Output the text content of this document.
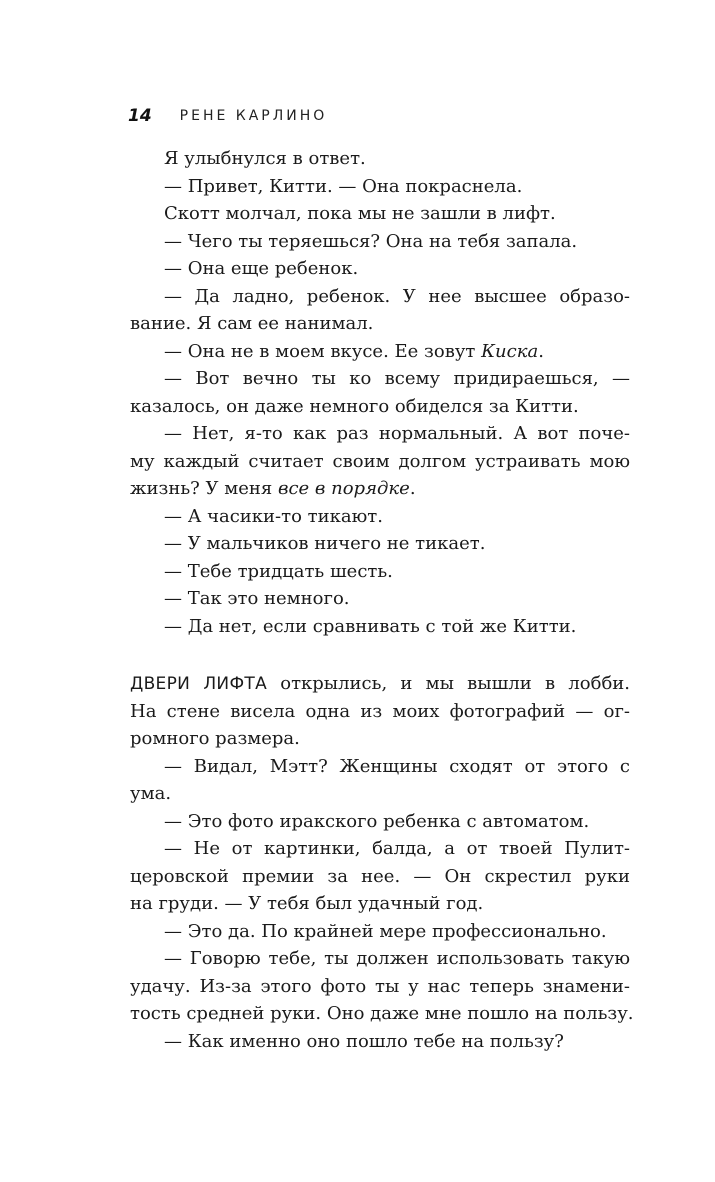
14 РЕНЕ КАРЛИНО
Я улыбнулся в ответ.
— Привет, Китти. — Она покраснела.
Скотт молчал, пока мы не зашли в лифт.
— Чего ты теряешься? Она на тебя запала.
— Она еще ребенок.
— Да ладно, ребенок. У нее высшее образо-
вание. Я сам ее нанимал.
— Она не в моем вкусе. Ее зовут Киска.
— Вот вечно ты ко всему придираешься, —
казалось, он даже немного обиделся за Китти.
— Нет, я-то как раз нормальный. А вот поче-
му каждый считает своим долгом устраивать мою
жизнь? У меня все в порядке.
— А часики-то тикают.
— У мальчиков ничего не тикает.
— Тебе тридцать шесть.
— Так это немного.
— Да нет, если сравнивать с той же Китти.
ДВЕРИ ЛИФТА открылись, и мы вышли в лобби.
На стене висела одна из моих фотографий — ог-
ромного размера.
— Видал, Мэтт? Женщины сходят от этого с
ума.
— Это фото иракского ребенка с автоматом.
— Не от картинки, балда, а от твоей Пулит-
церовской премии за нее. — Он скрестил руки
на груди. — У тебя был удачный год.
— Это да. По крайней мере профессионально.
— Говорю тебе, ты должен использовать такую
удачу. Из-за этого фото ты у нас теперь знамени-
тость средней руки. Оно даже мне пошло на пользу.
— Как именно оно пошло тебе на пользу?
